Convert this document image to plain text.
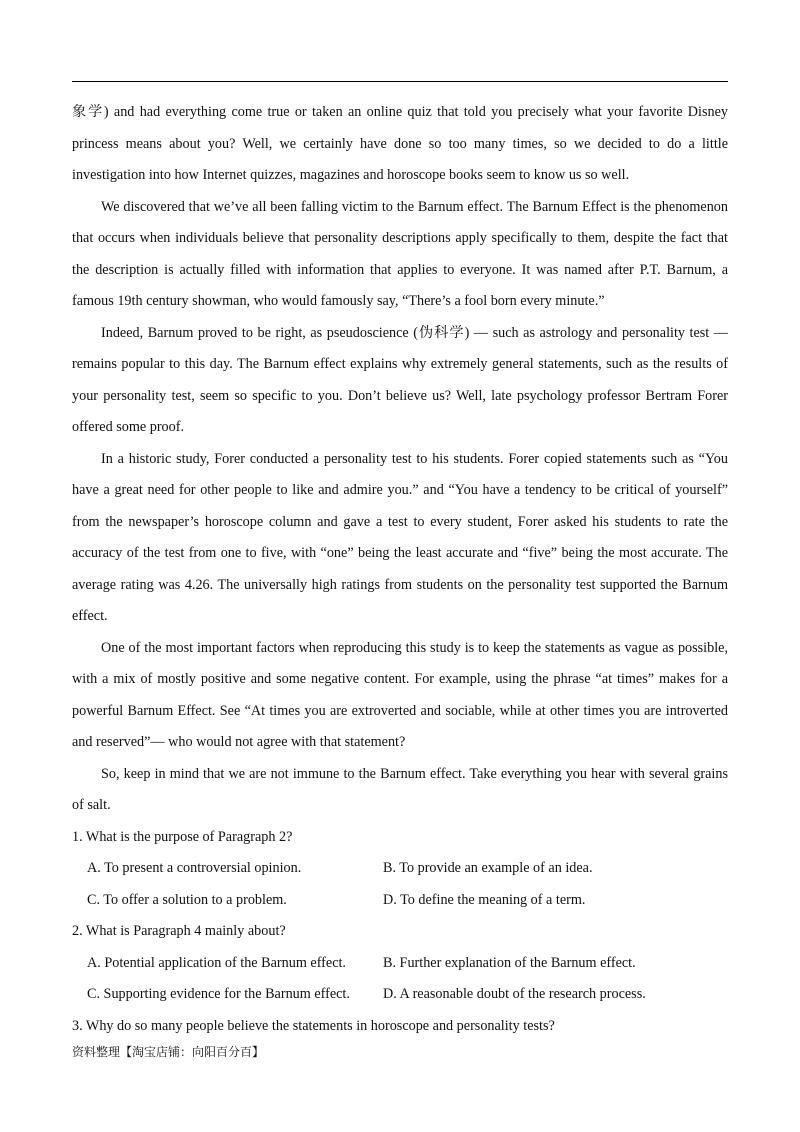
象学) and had everything come true or taken an online quiz that told you precisely what your favorite Disney princess means about you? Well, we certainly have done so too many times, so we decided to do a little investigation into how Internet quizzes, magazines and horoscope books seem to know us so well.

We discovered that we’ve all been falling victim to the Barnum effect. The Barnum Effect is the phenomenon that occurs when individuals believe that personality descriptions apply specifically to them, despite the fact that the description is actually filled with information that applies to everyone. It was named after P.T. Barnum, a famous 19th century showman, who would famously say, “There’s a fool born every minute.”

Indeed, Barnum proved to be right, as pseudoscience (伪科学) — such as astrology and personality test — remains popular to this day. The Barnum effect explains why extremely general statements, such as the results of your personality test, seem so specific to you. Don’t believe us? Well, late psychology professor Bertram Forer offered some proof.

In a historic study, Forer conducted a personality test to his students. Forer copied statements such as “You have a great need for other people to like and admire you.” and “You have a tendency to be critical of yourself” from the newspaper’s horoscope column and gave a test to every student, Forer asked his students to rate the accuracy of the test from one to five, with “one” being the least accurate and “five” being the most accurate. The average rating was 4.26. The universally high ratings from students on the personality test supported the Barnum effect.

One of the most important factors when reproducing this study is to keep the statements as vague as possible, with a mix of mostly positive and some negative content. For example, using the phrase “at times” makes for a powerful Barnum Effect. See “At times you are extroverted and sociable, while at other times you are introverted and reserved”— who would not agree with that statement?

So, keep in mind that we are not immune to the Barnum effect. Take everything you hear with several grains of salt.

1. What is the purpose of Paragraph 2?

A. To present a controversial opinion.	B. To provide an example of an idea.
C. To offer a solution to a problem.	D. To define the meaning of a term.

2. What is Paragraph 4 mainly about?

A. Potential application of the Barnum effect.	B. Further explanation of the Barnum effect.
C. Supporting evidence for the Barnum effect.	D. A reasonable doubt of the research process.

3. Why do so many people believe the statements in horoscope and personality tests?

资料整理【淘宝店铺：向阳百分百】
